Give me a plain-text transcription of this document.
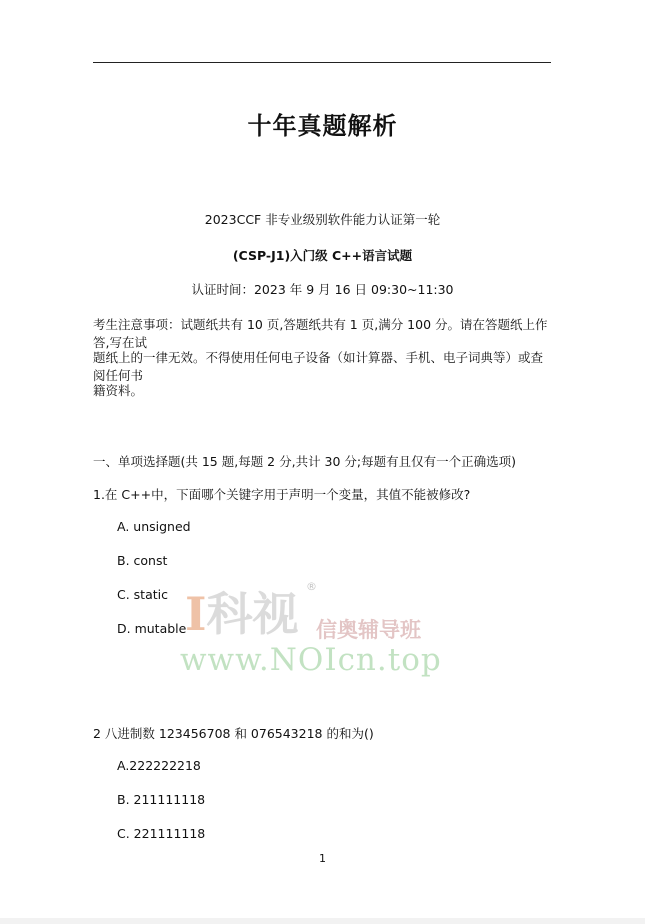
十年真题解析
2023CCF 非专业级别软件能力认证第一轮
(CSP-J1)入门级 C++语言试题
认证时间：2023 年 9 月 16 日 09:30~11:30
考生注意事项：试题纸共有 10 页,答题纸共有 1 页,满分 100 分。请在答题纸上作答,写在试
题纸上的一律无效。不得使用任何电子设备（如计算器、手机、电子词典等）或查阅任何书
籍资料。
一、单项选择题(共 15 题,每题 2 分,共计 30 分;每题有且仅有一个正确选项)
1.在 C++中，下面哪个关键字用于声明一个变量，其值不能被修改?
A. unsigned
B. const
C. static
D. mutable
2 八进制数 123456708 和 076543218 的和为()
A.222222218
B. 211111118
C. 221111118
1
I科视
®
信奥辅导班
www.NOIcn.top
